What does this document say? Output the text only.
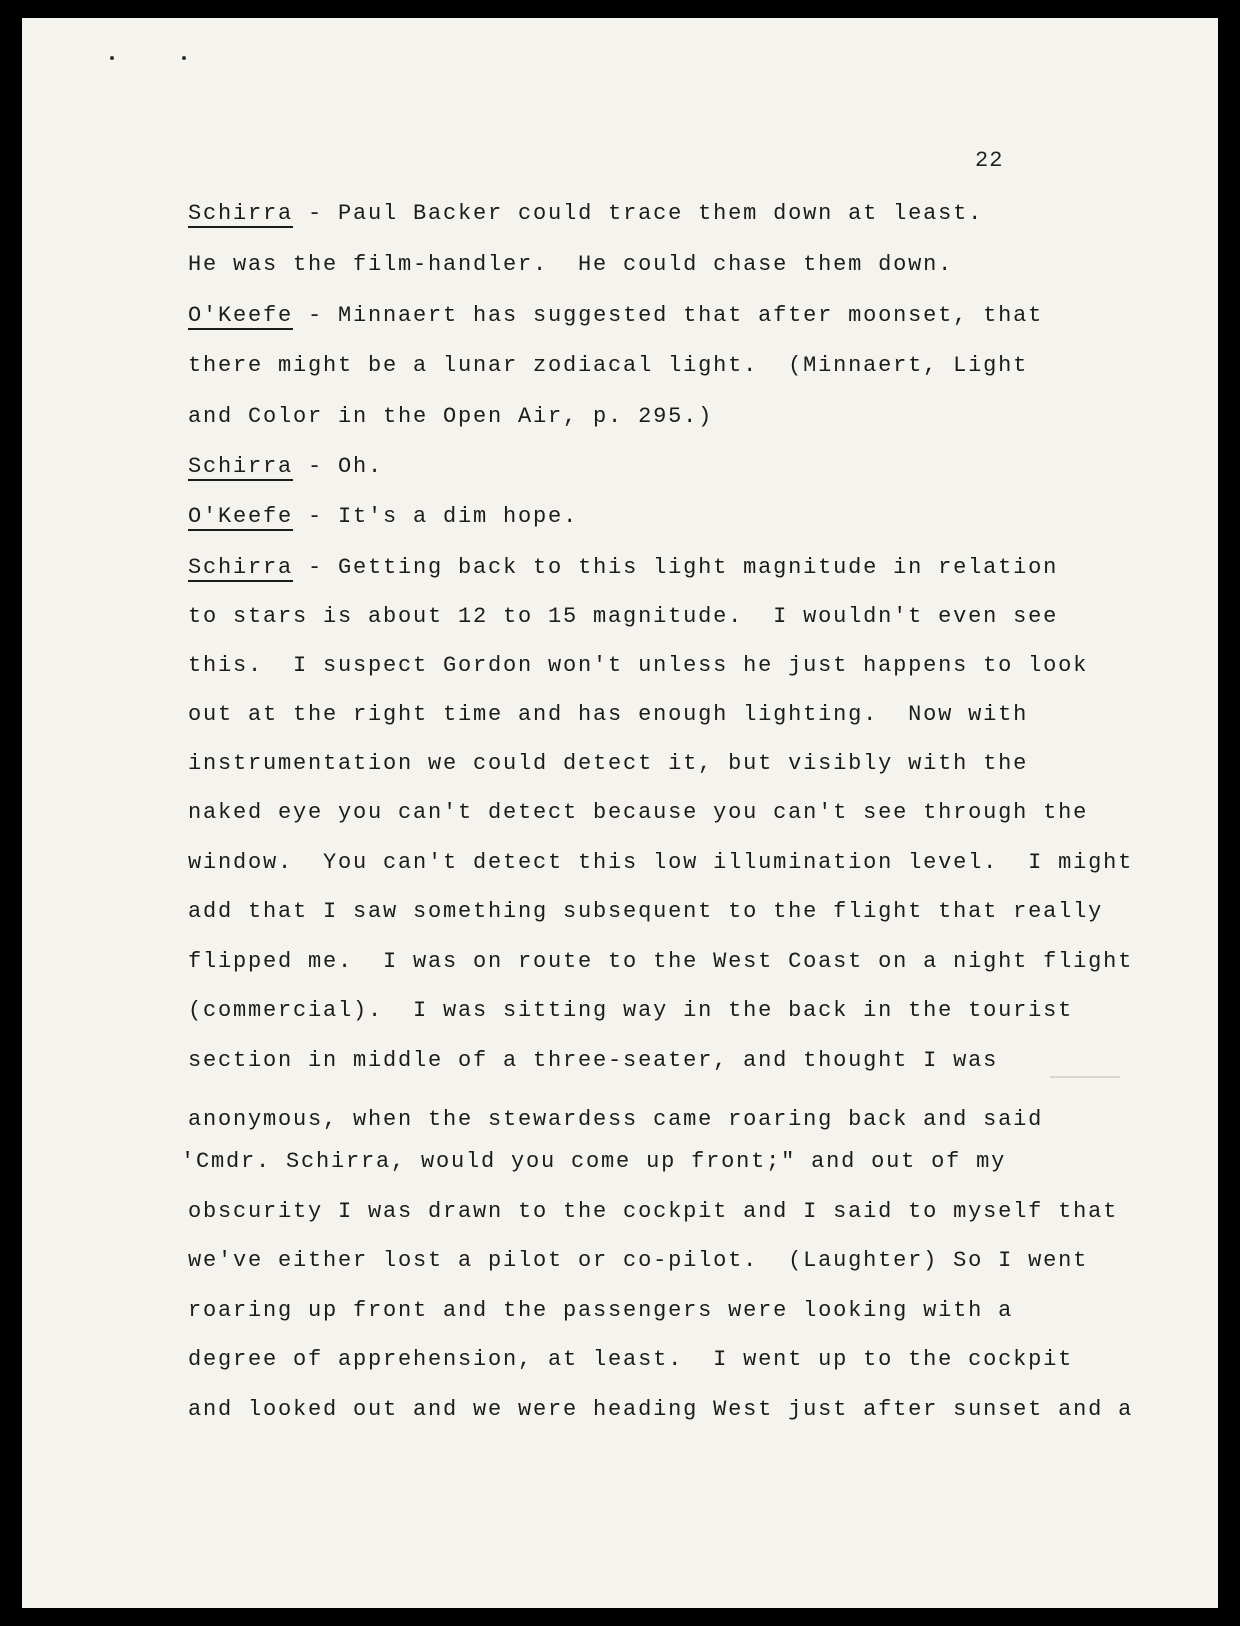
22
Schirra - Paul Backer could trace them down at least.
He was the film-handler.  He could chase them down.
O'Keefe - Minnaert has suggested that after moonset, that
there might be a lunar zodiacal light.  (Minnaert, Light
and Color in the Open Air, p. 295.)
Schirra - Oh.
O'Keefe - It's a dim hope.
Schirra - Getting back to this light magnitude in relation
to stars is about 12 to 15 magnitude.  I wouldn't even see
this.  I suspect Gordon won't unless he just happens to look
out at the right time and has enough lighting.  Now with
instrumentation we could detect it, but visibly with the
naked eye you can't detect because you can't see through the
window.  You can't detect this low illumination level.  I might
add that I saw something subsequent to the flight that really
flipped me.  I was on route to the West Coast on a night flight
(commercial).  I was sitting way in the back in the tourist
section in middle of a three-seater, and thought I was
anonymous, when the stewardess came roaring back and said
'Cmdr. Schirra, would you come up front;" and out of my
obscurity I was drawn to the cockpit and I said to myself that
we've either lost a pilot or co-pilot.  (Laughter) So I went
roaring up front and the passengers were looking with a
degree of apprehension, at least.  I went up to the cockpit
and looked out and we were heading West just after sunset and a
